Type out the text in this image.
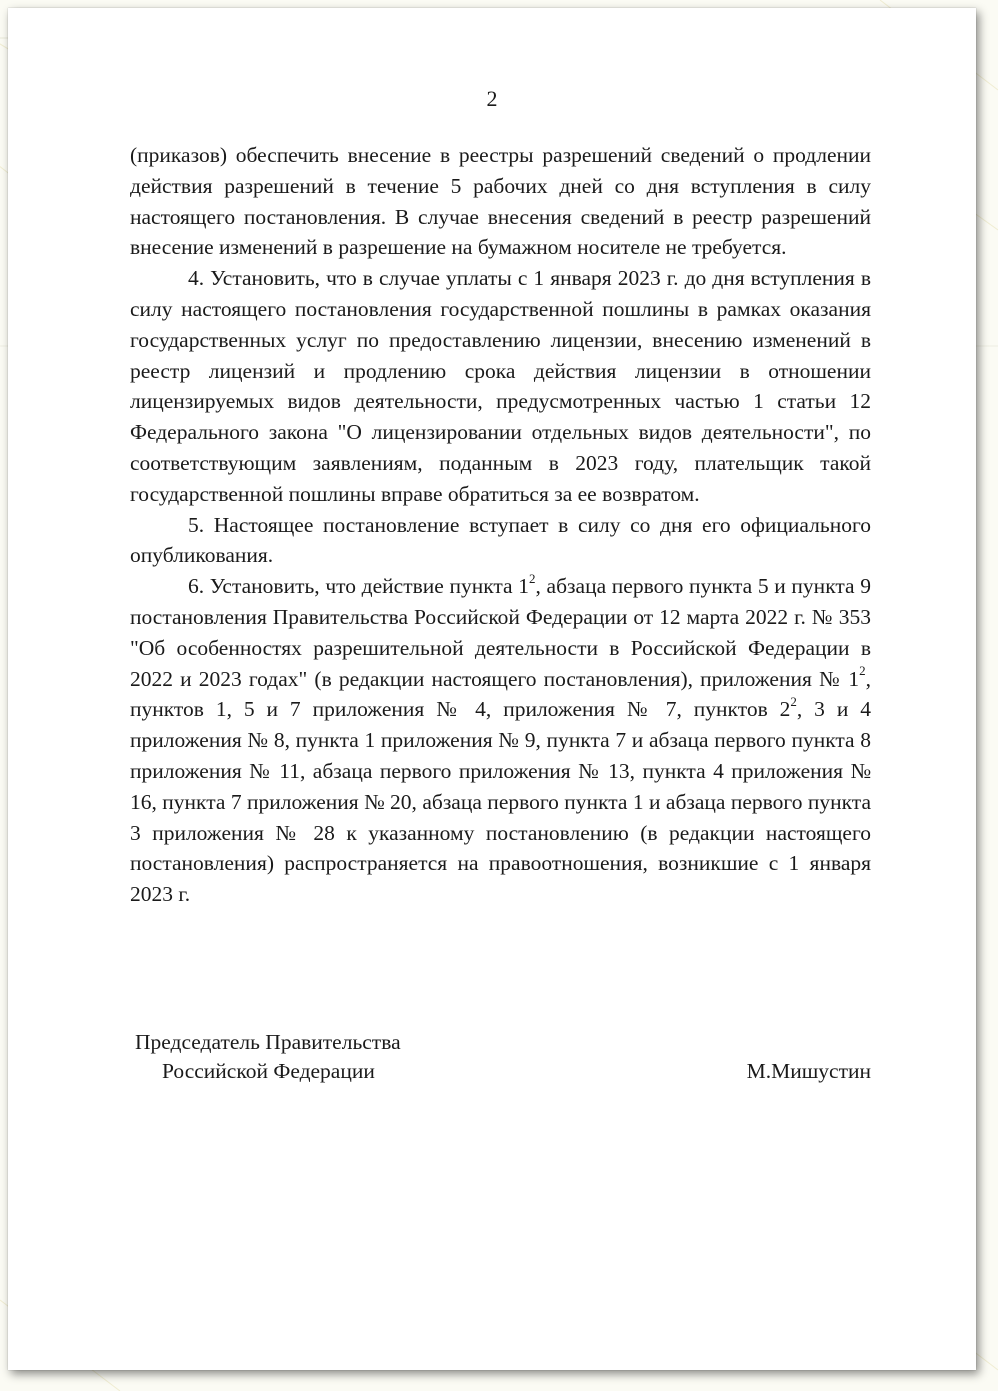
2

(приказов) обеспечить внесение в реестры разрешений сведений о продлении действия разрешений в течение 5 рабочих дней со дня вступления в силу настоящего постановления. В случае внесения сведений в реестр разрешений внесение изменений в разрешение на бумажном носителе не требуется.

4. Установить, что в случае уплаты с 1 января 2023 г. до дня вступления в силу настоящего постановления государственной пошлины в рамках оказания государственных услуг по предоставлению лицензии, внесению изменений в реестр лицензий и продлению срока действия лицензии в отношении лицензируемых видов деятельности, предусмотренных частью 1 статьи 12 Федерального закона "О лицензировании отдельных видов деятельности", по соответствующим заявлениям, поданным в 2023 году, плательщик такой государственной пошлины вправе обратиться за ее возвратом.

5. Настоящее постановление вступает в силу со дня его официального опубликования.

6. Установить, что действие пункта $1^2$, абзаца первого пункта 5 и пункта 9 постановления Правительства Российской Федерации от 12 марта 2022 г. № 353 "Об особенностях разрешительной деятельности в Российской Федерации в 2022 и 2023 годах" (в редакции настоящего постановления), приложения № $1^2$, пунктов 1, 5 и 7 приложения № 4, приложения № 7, пунктов $2^2$, 3 и 4 приложения № 8, пункта 1 приложения № 9, пункта 7 и абзаца первого пункта 8 приложения № 11, абзаца первого приложения № 13, пункта 4 приложения № 16, пункта 7 приложения № 20, абзаца первого пункта 1 и абзаца первого пункта 3 приложения № 28 к указанному постановлению (в редакции настоящего постановления) распространяется на правоотношения, возникшие с 1 января 2023 г.

Председатель Правительства
Российской Федерации	М.Мишустин
